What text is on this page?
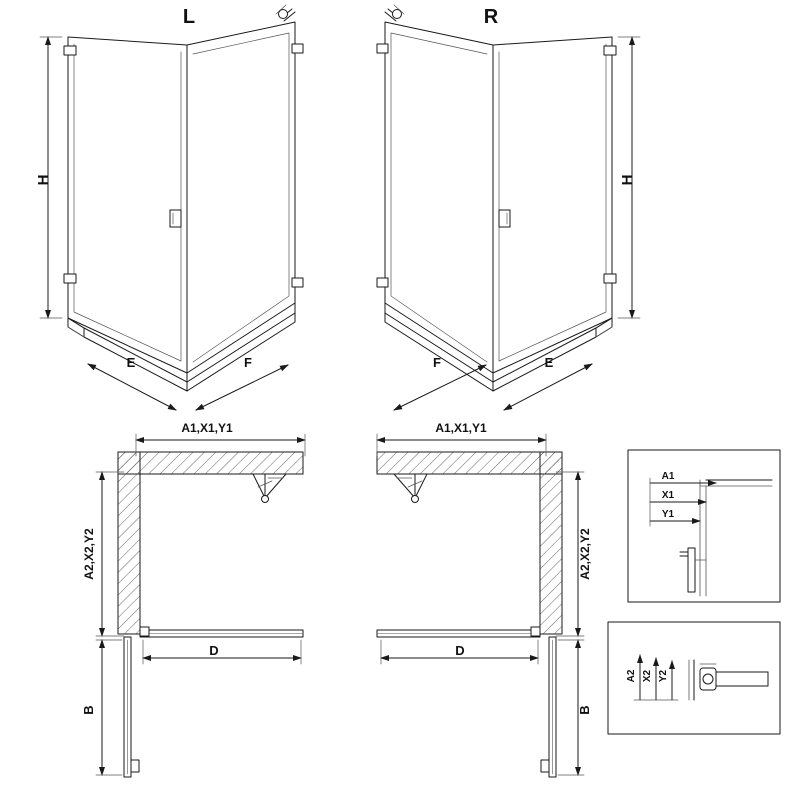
H
E	F
L
H
F	E
R
A1,X1,Y1
A2,X2,Y2
D
B
A1,X1,Y1
A2,X2,Y2
D
B
A1
X1
Y1
A2 X2 Y2
